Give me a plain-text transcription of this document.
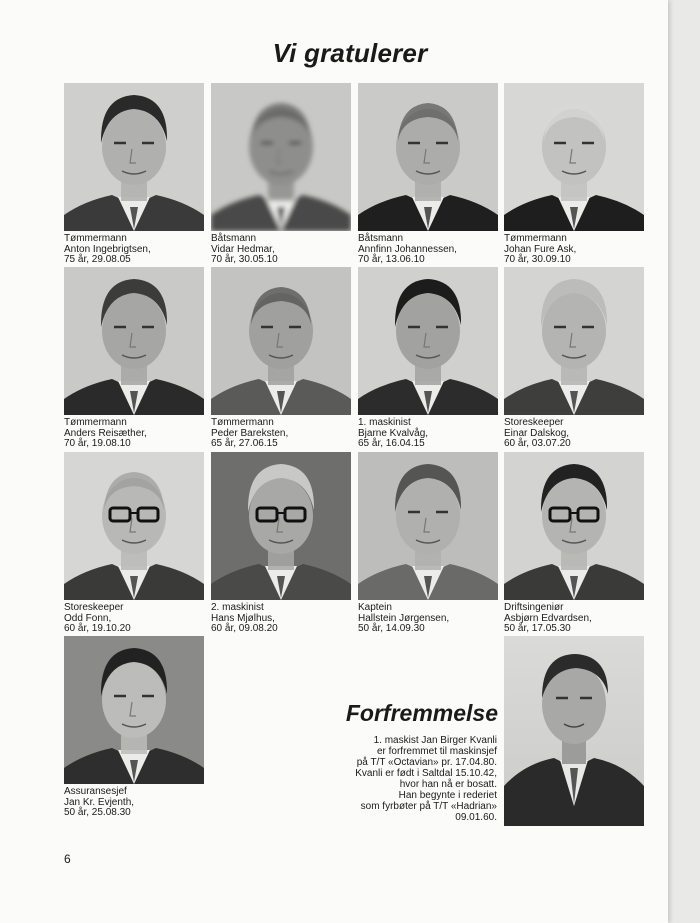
Vi gratulerer
Tømmermann
Anton Ingebrigtsen,
75 år, 29.08.05
Båtsmann
Vidar Hedmar,
70 år, 30.05.10
Båtsmann
Annfinn Johannessen,
70 år, 13.06.10
Tømmermann
Johan Fure Ask,
70 år, 30.09.10
Tømmermann
Anders Reisæther,
70 år, 19.08.10
Tømmermann
Peder Bareksten,
65 år, 27.06.15
1. maskinist
Bjarne Kvalvåg,
65 år, 16.04.15
Storeskeeper
Einar Dalskog,
60 år, 03.07.20
Storeskeeper
Odd Fonn,
60 år, 19.10.20
2. maskinist
Hans Mjølhus,
60 år, 09.08.20
Kaptein
Hallstein Jørgensen,
50 år, 14.09.30
Driftsingeniør
Asbjørn Edvardsen,
50 år, 17.05.30
Assuransesjef
Jan Kr. Evjenth,
50 år, 25.08.30
Forfremmelse
1. maskist Jan Birger Kvanli
er forfremmet til maskinsjef
på T/T «Octavian» pr. 17.04.80.
Kvanli er født i Saltdal 15.10.42,
hvor han nå er bosatt.
Han begynte i rederiet
som fyrbøter på T/T «Hadrian»
09.01.60.
6
